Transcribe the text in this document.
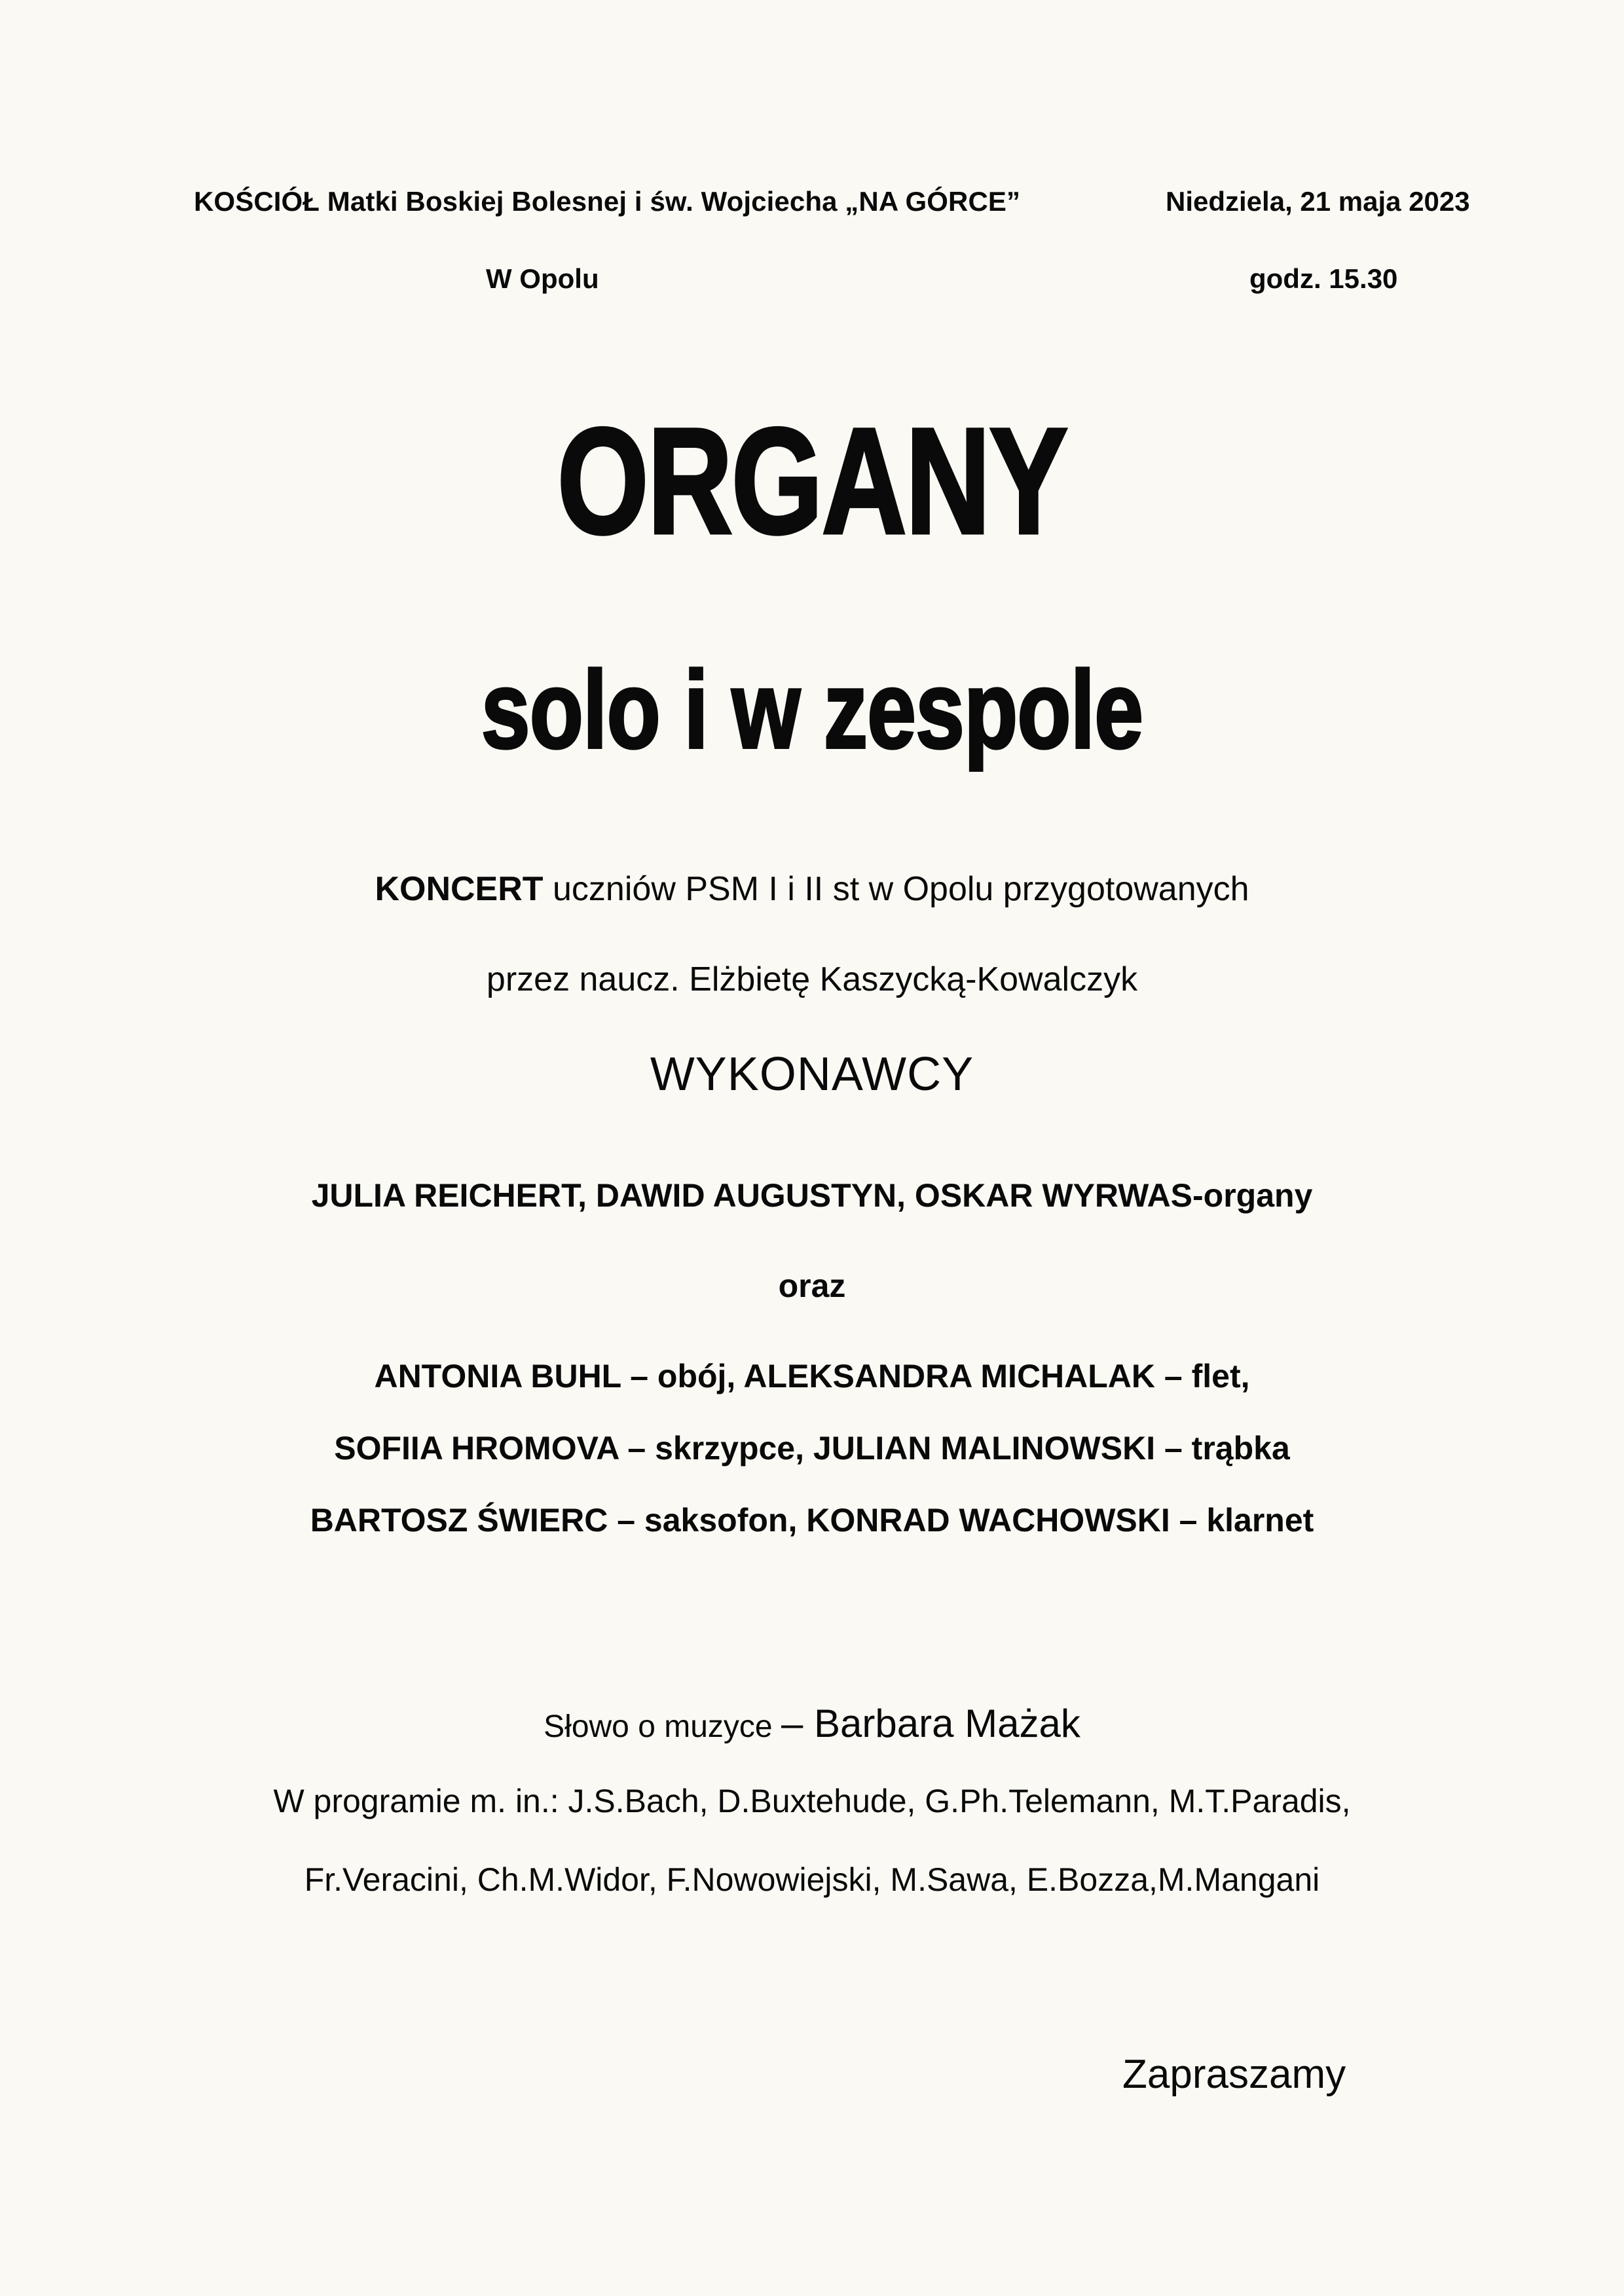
KOŚCIÓŁ Matki Boskiej Bolesnej i św. Wojciecha „NA GÓRCE”
W Opolu
Niedziela, 21 maja 2023
godz. 15.30
ORGANY
solo i w zespole
KONCERT uczniów PSM I i II st w Opolu przygotowanych
przez naucz. Elżbietę Kaszycką-Kowalczyk
WYKONAWCY
JULIA REICHERT, DAWID AUGUSTYN, OSKAR WYRWAS-organy
oraz
ANTONIA BUHL – obój, ALEKSANDRA MICHALAK – flet,
SOFIIA HROMOVA – skrzypce, JULIAN MALINOWSKI – trąbka
BARTOSZ ŚWIERC – saksofon, KONRAD WACHOWSKI – klarnet
Słowo o muzyce – Barbara Mażak
W programie m. in.: J.S.Bach, D.Buxtehude, G.Ph.Telemann, M.T.Paradis,
Fr.Veracini, Ch.M.Widor, F.Nowowiejski, M.Sawa, E.Bozza,M.Mangani
Zapraszamy
